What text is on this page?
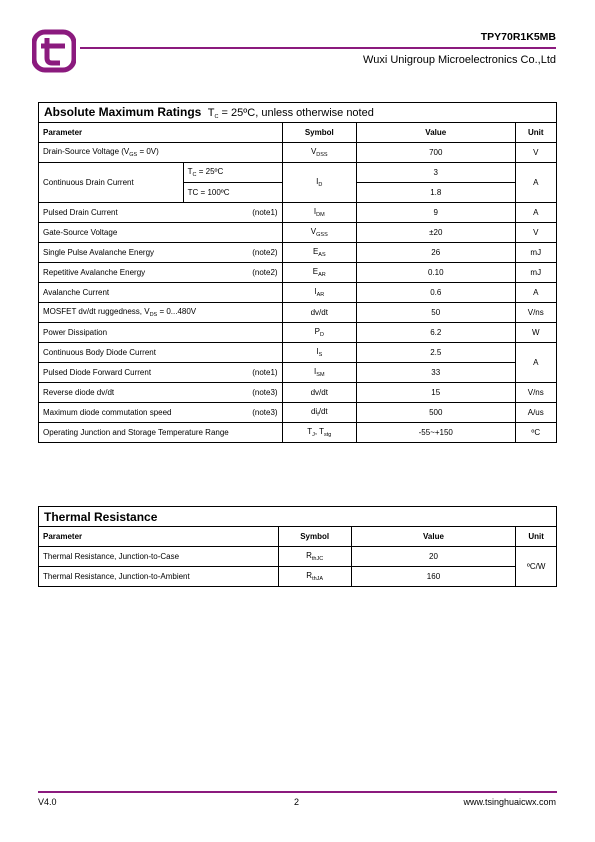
TPY70R1K5MB
Wuxi Unigroup Microelectronics Co.,Ltd
Absolute Maximum Ratings $T_C$ = 25ºC, unless otherwise noted				
Parameter		Symbol	Value	Unit
Drain-Source Voltage $(V_{GS} = 0V)$		$V_{DSS}$	700	V
Continuous Drain Current	$T_C$ = 25ºC	$I_D$	3	A
	TC = 100ºC		1.8	
Pulsed Drain Current (note1)		$I_{DM}$	9	A
Gate-Source Voltage		$V_{GSS}$	±20	V
Single Pulse Avalanche Energy (note2)		$E_{AS}$	26	mJ
Repetitive Avalanche Energy (note2)		$E_{AR}$	0.10	mJ
Avalanche Current		$I_{AR}$	0.6	A
MOSFET dv/dt ruggedness, $V_{DS} = 0...480V$		dv/dt	50	V/ns
Power Dissipation		$P_D$	6.2	W
Continuous Body Diode Current		$I_S$	2.5	A
Pulsed Diode Forward Current (note1)		$I_{SM}$	33	
Reverse diode dv/dt (note3)		dv/dt	15	V/ns
Maximum diode commutation speed (note3)		$di_f/dt$	500	A/us
Operating Junction and Storage Temperature Range		$T_J$, $T_{stg}$	-55~+150	ºC
Thermal Resistance			
Parameter	Symbol	Value	Unit
Thermal Resistance, Junction-to-Case	$R_{thJC}$	20	ºC/W
Thermal Resistance, Junction-to-Ambient	$R_{thJA}$	160	
V4.0	2	www.tsinghuaicwx.com
